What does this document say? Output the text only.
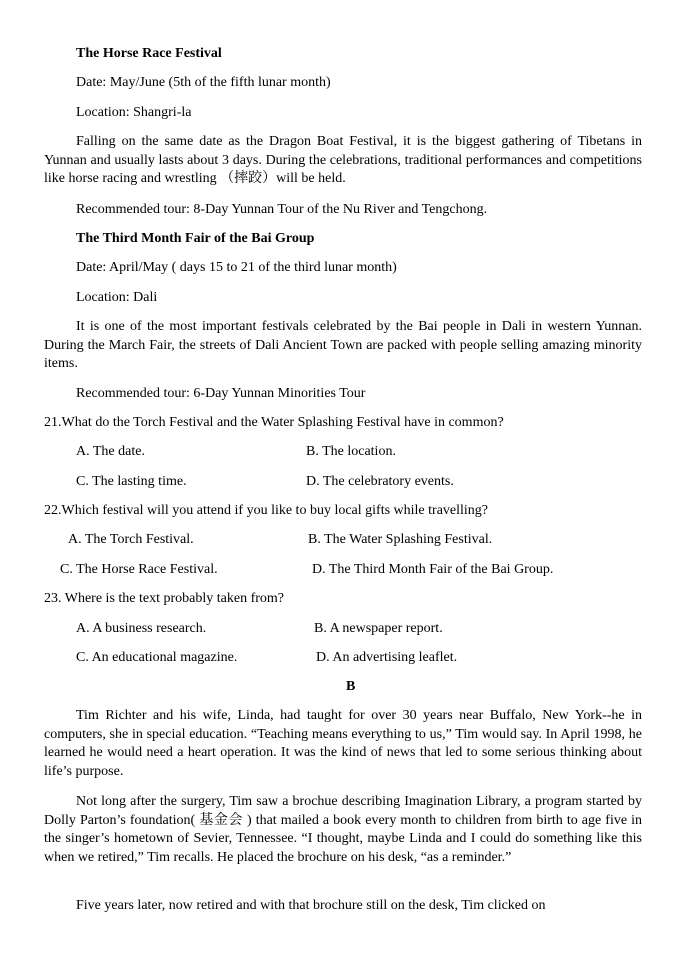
The Horse Race Festival
Date: May/June (5th of the fifth lunar month)
Location: Shangri-la
Falling on the same date as the Dragon Boat Festival, it is the biggest gathering of Tibetans in Yunnan and usually lasts about 3 days. During the celebrations, traditional performances and competitions like horse racing and wrestling （摔跤）will be held.
Recommended tour: 8-Day Yunnan Tour of the Nu River and Tengchong.
The Third Month Fair of the Bai Group
Date: April/May ( days 15 to 21 of the third lunar month)
Location: Dali
It is one of the most important festivals celebrated by the Bai people in Dali in western Yunnan. During the March Fair, the streets of Dali Ancient Town are packed with people selling amazing minority items.
Recommended tour: 6-Day Yunnan Minorities Tour
21.What do the Torch Festival and the Water Splashing Festival have in common?
A. The date.	B. The location.
C. The lasting time.	D. The celebratory events.
22.Which festival will you attend if you like to buy local gifts while travelling?
A. The Torch Festival.	B. The Water Splashing Festival.
C. The Horse Race Festival.	D. The Third Month Fair of the Bai Group.
23. Where is the text probably taken from?
A. A business research.	B. A newspaper report.
C. An educational magazine.	D. An advertising leaflet.
B
Tim Richter and his wife, Linda, had taught for over 30 years near Buffalo, New York--he in computers, she in special education. “Teaching means everything to us,” Tim would say. In April 1998, he learned he would need a heart operation. It was the kind of news that led to some serious thinking about life’s purpose.
Not long after the surgery, Tim saw a brochue describing Imagination Library, a program started by Dolly Parton’s foundation( 基金会 ) that mailed a book every month to children from birth to age five in the singer’s hometown of Sevier, Tennessee. “I thought, maybe Linda and I could do something like this when we retired,” Tim recalls. He placed the brochure on his desk, “as a reminder.”
Five years later, now retired and with that brochure still on the desk, Tim clicked on
